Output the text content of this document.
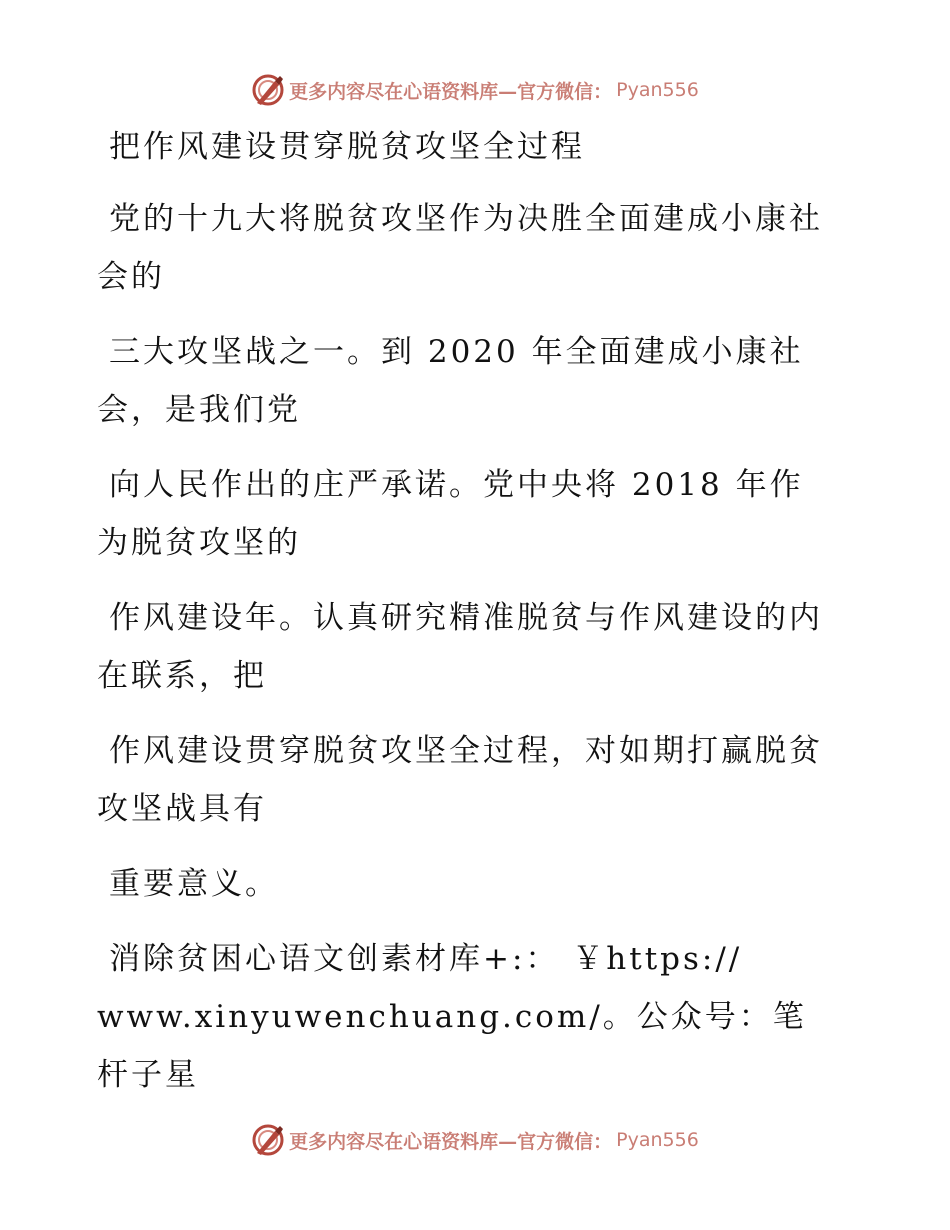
更多内容尽在心语资料库—官方微信： Pyan556

把作风建设贯穿脱贫攻坚全过程

党的十九大将脱贫攻坚作为决胜全面建成小康社会的

三大攻坚战之一。到 2020 年全面建成小康社会，是我们党

向人民作出的庄严承诺。党中央将 2018 年作为脱贫攻坚的

作风建设年。认真研究精准脱贫与作风建设的内在联系，把

作风建设贯穿脱贫攻坚全过程，对如期打赢脱贫攻坚战具有

重要意义。

消除贫困心语文创素材库+:： ￥https://

www.xinyuwenchuang.com/。公众号：笔杆子星

更多内容尽在心语资料库—官方微信： Pyan556
